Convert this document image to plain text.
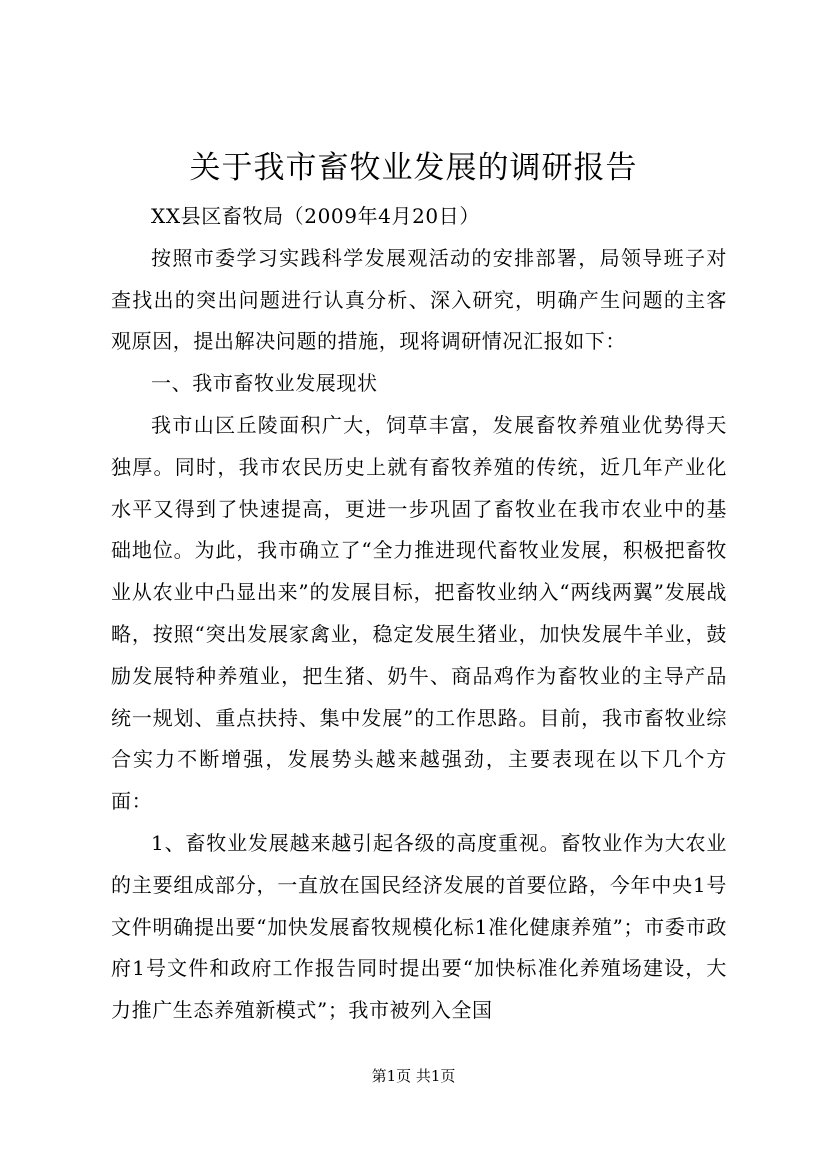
关于我市畜牧业发展的调研报告

XX县区畜牧局（2009年4月20日）

按照市委学习实践科学发展观活动的安排部署，局领导班子对查找出的突出问题进行认真分析、深入研究，明确产生问题的主客观原因，提出解决问题的措施，现将调研情况汇报如下：

一、我市畜牧业发展现状

我市山区丘陵面积广大，饲草丰富，发展畜牧养殖业优势得天独厚。同时，我市农民历史上就有畜牧养殖的传统，近几年产业化水平又得到了快速提高，更进一步巩固了畜牧业在我市农业中的基础地位。为此，我市确立了“全力推进现代畜牧业发展，积极把畜牧业从农业中凸显出来”的发展目标，把畜牧业纳入“两线两翼”发展战略，按照“突出发展家禽业，稳定发展生猪业，加快发展牛羊业，鼓励发展特种养殖业，把生猪、奶牛、商品鸡作为畜牧业的主导产品统一规划、重点扶持、集中发展”的工作思路。目前，我市畜牧业综合实力不断增强，发展势头越来越强劲，主要表现在以下几个方面：

1、畜牧业发展越来越引起各级的高度重视。畜牧业作为大农业的主要组成部分，一直放在国民经济发展的首要位路，今年中央1号文件明确提出要“加快发展畜牧规模化标1准化健康养殖”；市委市政府1号文件和政府工作报告同时提出要“加快标准化养殖场建设，大力推广生态养殖新模式”；我市被列入全国

第1页 共1页
